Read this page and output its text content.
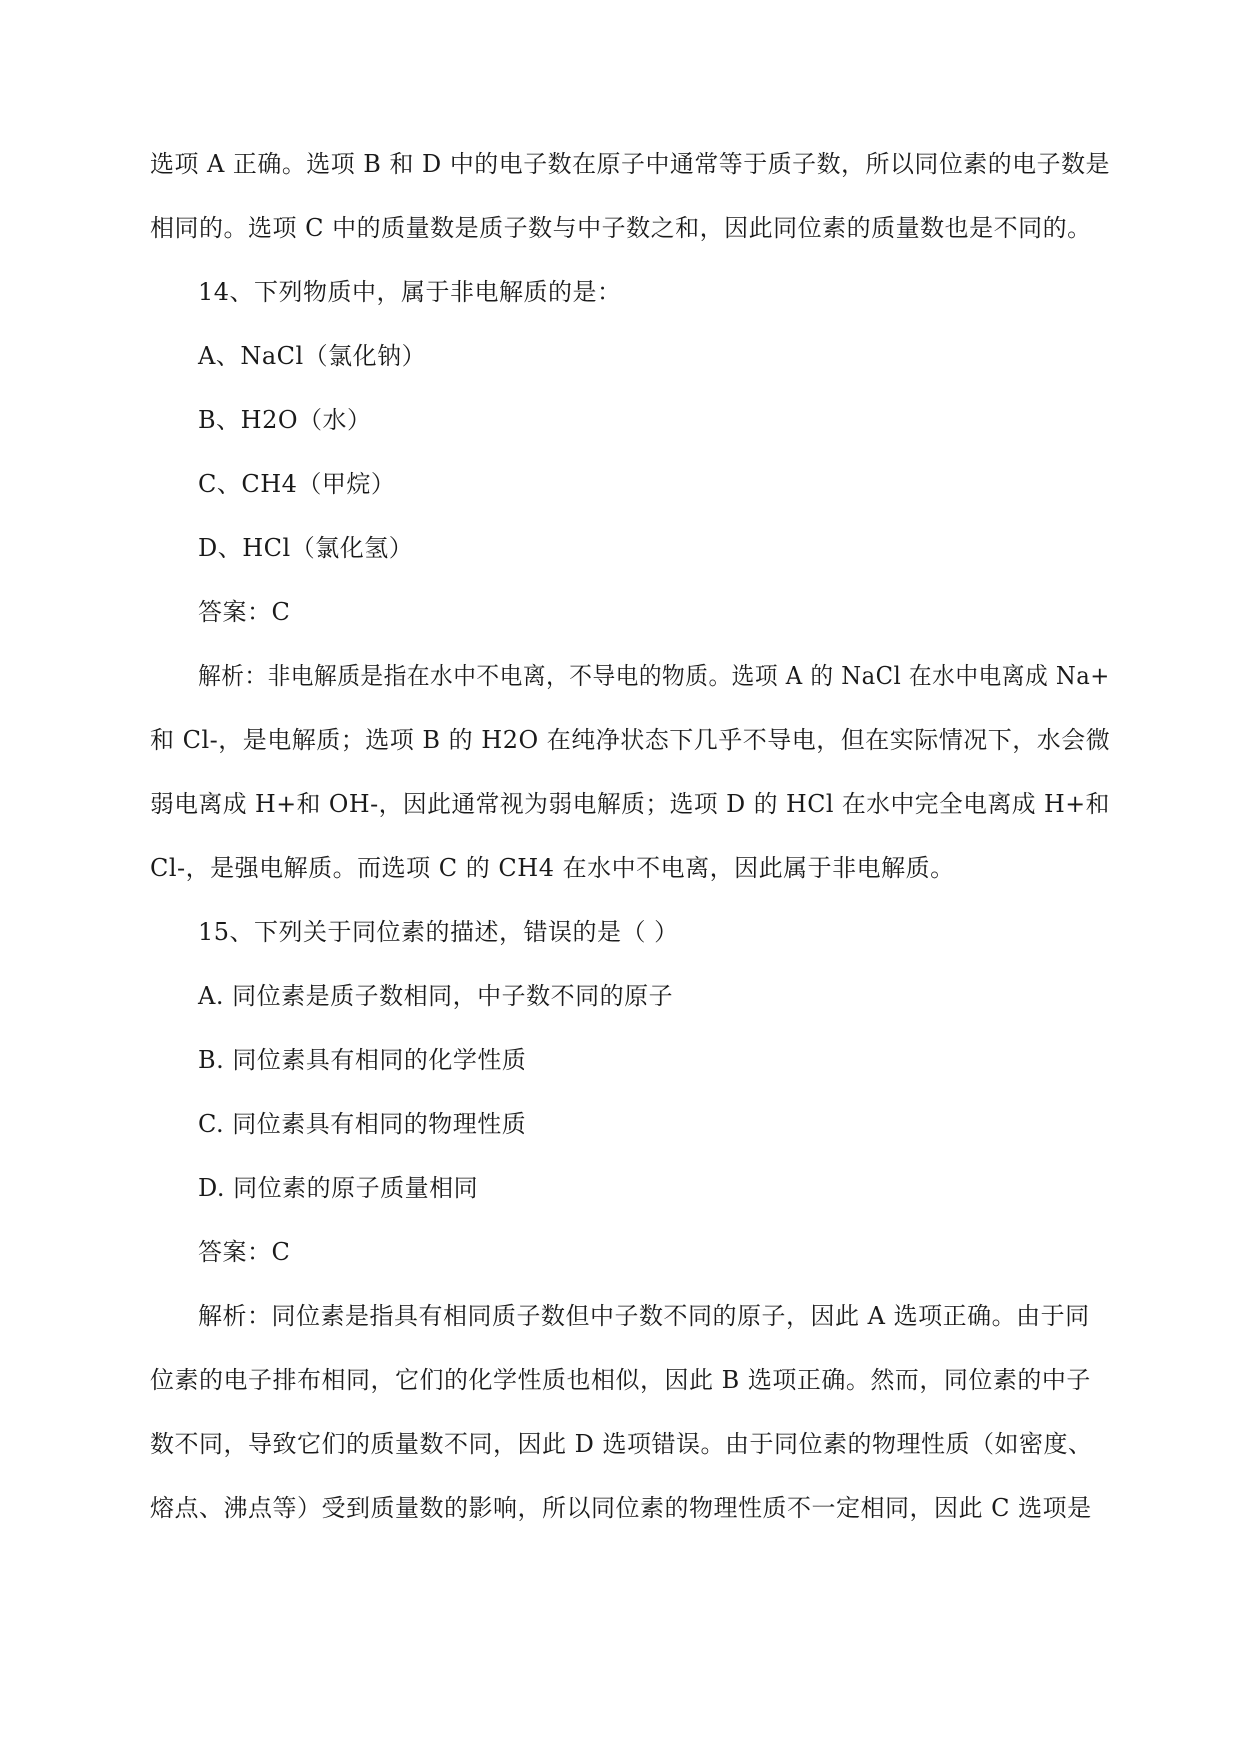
选项 A 正确。选项 B 和 D 中的电子数在原子中通常等于质子数，所以同位素的电子数是
相同的。选项 C 中的质量数是质子数与中子数之和，因此同位素的质量数也是不同的。
14、下列物质中，属于非电解质的是：
A、NaCl（氯化钠）
B、H2O（水）
C、CH4（甲烷）
D、HCl（氯化氢）
答案：C
解析：非电解质是指在水中不电离，不导电的物质。选项 A 的 NaCl 在水中电离成 Na+
和 Cl-，是电解质；选项 B 的 H2O 在纯净状态下几乎不导电，但在实际情况下，水会微
弱电离成 H+和 OH-，因此通常视为弱电解质；选项 D 的 HCl 在水中完全电离成 H+和
Cl-，是强电解质。而选项 C 的 CH4 在水中不电离，因此属于非电解质。
15、下列关于同位素的描述，错误的是（ ）
A. 同位素是质子数相同，中子数不同的原子
B. 同位素具有相同的化学性质
C. 同位素具有相同的物理性质
D. 同位素的原子质量相同
答案：C
解析：同位素是指具有相同质子数但中子数不同的原子，因此 A 选项正确。由于同
位素的电子排布相同，它们的化学性质也相似，因此 B 选项正确。然而，同位素的中子
数不同，导致它们的质量数不同，因此 D 选项错误。由于同位素的物理性质（如密度、
熔点、沸点等）受到质量数的影响，所以同位素的物理性质不一定相同，因此 C 选项是
